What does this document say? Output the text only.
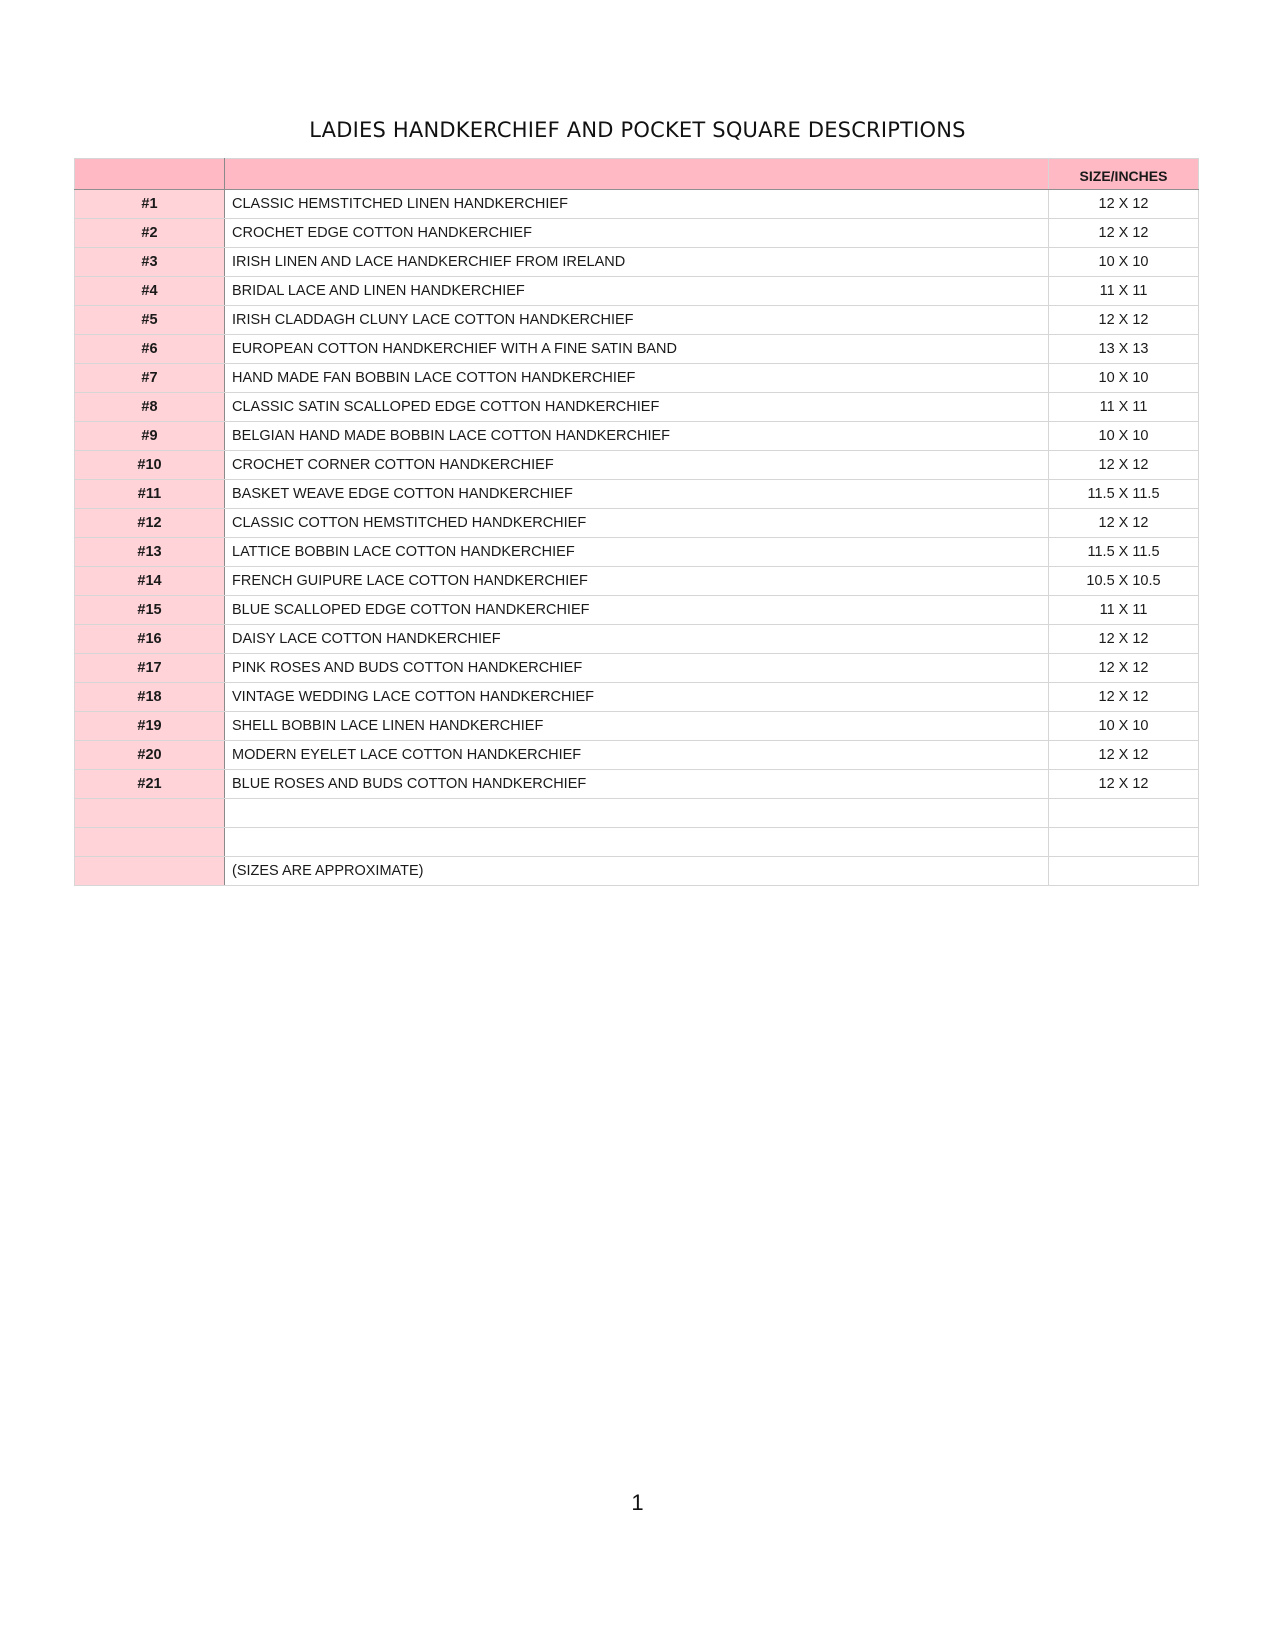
LADIES HANDKERCHIEF AND POCKET SQUARE DESCRIPTIONS
		SIZE/INCHES
#1	CLASSIC HEMSTITCHED LINEN HANDKERCHIEF	12 X 12
#2	CROCHET EDGE COTTON HANDKERCHIEF	12 X 12
#3	IRISH LINEN AND LACE HANDKERCHIEF FROM IRELAND	10 X 10
#4	BRIDAL LACE AND LINEN HANDKERCHIEF	11 X 11
#5	IRISH CLADDAGH CLUNY LACE COTTON HANDKERCHIEF	12 X 12
#6	EUROPEAN COTTON HANDKERCHIEF WITH A FINE SATIN BAND	13 X 13
#7	HAND MADE FAN BOBBIN LACE COTTON HANDKERCHIEF	10 X 10
#8	CLASSIC SATIN SCALLOPED EDGE COTTON HANDKERCHIEF	11 X 11
#9	BELGIAN HAND MADE BOBBIN LACE COTTON HANDKERCHIEF	10 X 10
#10	CROCHET CORNER COTTON HANDKERCHIEF	12 X 12
#11	BASKET WEAVE EDGE COTTON HANDKERCHIEF	11.5 X 11.5
#12	CLASSIC COTTON HEMSTITCHED HANDKERCHIEF	12 X 12
#13	LATTICE BOBBIN LACE COTTON HANDKERCHIEF	11.5 X 11.5
#14	FRENCH GUIPURE LACE COTTON HANDKERCHIEF	10.5 X 10.5
#15	BLUE SCALLOPED EDGE COTTON HANDKERCHIEF	11 X 11
#16	DAISY LACE COTTON HANDKERCHIEF	12 X 12
#17	PINK ROSES AND BUDS COTTON HANDKERCHIEF	12 X 12
#18	VINTAGE WEDDING LACE COTTON HANDKERCHIEF	12 X 12
#19	SHELL BOBBIN LACE LINEN HANDKERCHIEF	10 X 10
#20	MODERN EYELET LACE COTTON HANDKERCHIEF	12 X 12
#21	BLUE ROSES AND BUDS COTTON HANDKERCHIEF	12 X 12

	(SIZES ARE APPROXIMATE)	
1
